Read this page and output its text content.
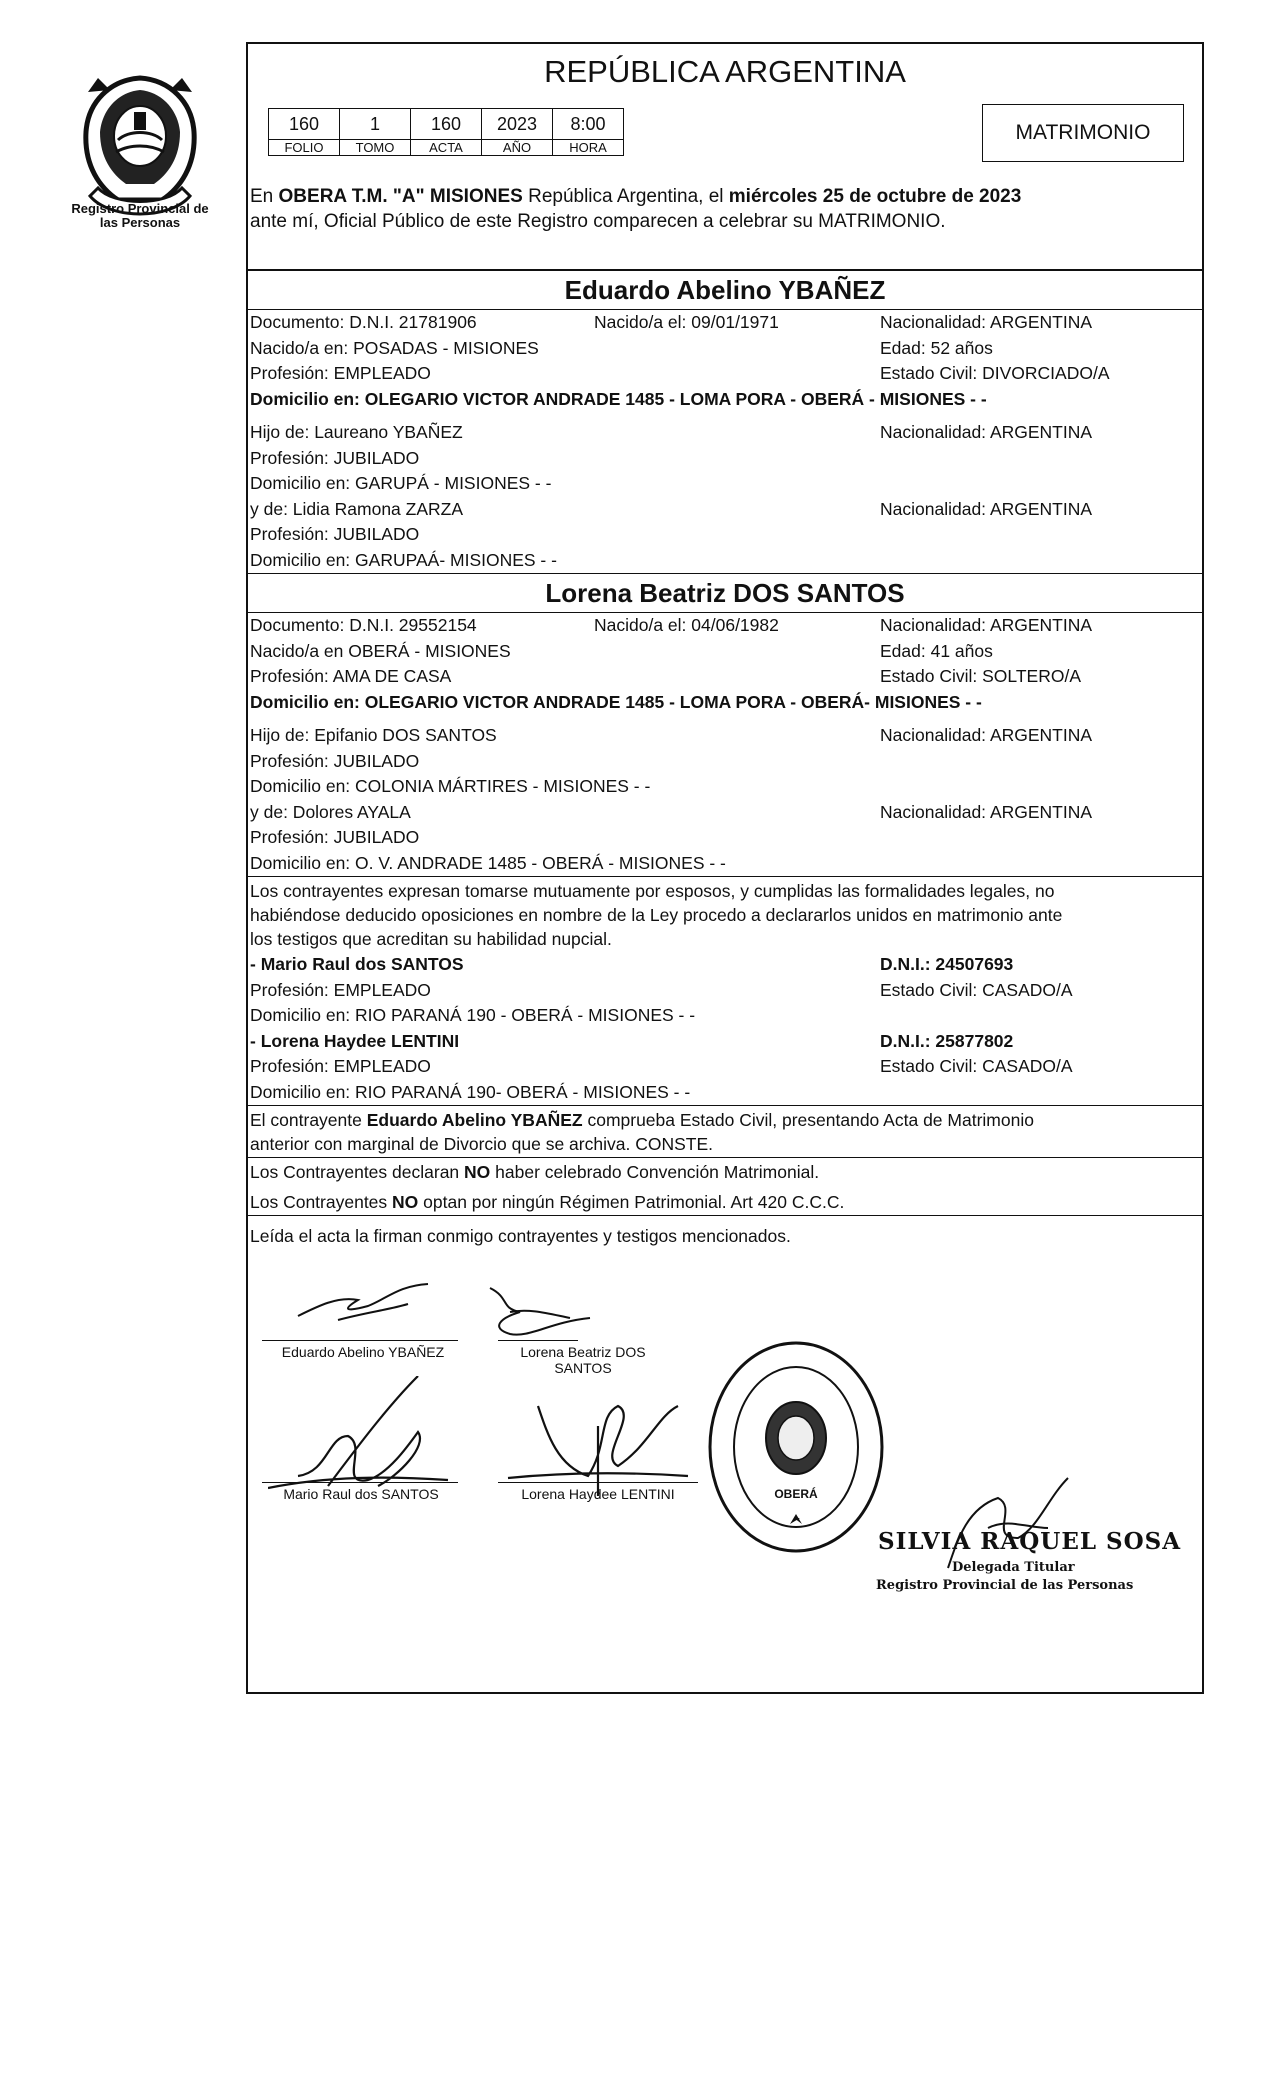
Registro Provincial de las Personas
REPÚBLICA ARGENTINA
160	1	160	2023	8:00
FOLIO	TOMO	ACTA	AÑO	HORA
MATRIMONIO
En OBERA T.M. "A" MISIONES República Argentina, el miércoles 25 de octubre de 2023
ante mí, Oficial Público de este Registro comparecen a celebrar su MATRIMONIO.
Eduardo Abelino YBAÑEZ
Documento: D.N.I. 21781906	Nacido/a el: 09/01/1971	Nacionalidad: ARGENTINA
Nacido/a en: POSADAS - MISIONES	Edad: 52 años
Profesión: EMPLEADO	Estado Civil: DIVORCIADO/A
Domicilio en: OLEGARIO VICTOR ANDRADE 1485 - LOMA PORA - OBERÁ - MISIONES - -
Hijo de: Laureano YBAÑEZ	Nacionalidad: ARGENTINA
Profesión: JUBILADO
Domicilio en: GARUPÁ - MISIONES - -
y de: Lidia Ramona ZARZA	Nacionalidad: ARGENTINA
Profesión: JUBILADO
Domicilio en: GARUPAÁ- MISIONES - -
Lorena Beatriz DOS SANTOS
Documento: D.N.I. 29552154	Nacido/a el: 04/06/1982	Nacionalidad: ARGENTINA
Nacido/a en OBERÁ - MISIONES	Edad: 41 años
Profesión: AMA DE CASA	Estado Civil: SOLTERO/A
Domicilio en: OLEGARIO VICTOR ANDRADE 1485 - LOMA PORA - OBERÁ- MISIONES - -
Hijo de: Epifanio DOS SANTOS	Nacionalidad: ARGENTINA
Profesión: JUBILADO
Domicilio en: COLONIA MÁRTIRES - MISIONES - -
y de: Dolores AYALA	Nacionalidad: ARGENTINA
Profesión: JUBILADO
Domicilio en: O. V. ANDRADE 1485 - OBERÁ - MISIONES - -
Los contrayentes expresan tomarse mutuamente por esposos, y cumplidas las formalidades legales, no
habiéndose deducido oposiciones en nombre de la Ley procedo a declararlos unidos en matrimonio ante
los testigos que acreditan su habilidad nupcial.
- Mario Raul dos SANTOS	D.N.I.: 24507693
Profesión: EMPLEADO	Estado Civil: CASADO/A
Domicilio en: RIO PARANÁ 190 - OBERÁ - MISIONES - -
- Lorena Haydee LENTINI	D.N.I.: 25877802
Profesión: EMPLEADO	Estado Civil: CASADO/A
Domicilio en: RIO PARANÁ 190- OBERÁ - MISIONES - -
El contrayente Eduardo Abelino YBAÑEZ comprueba Estado Civil, presentando Acta de Matrimonio
anterior con marginal de Divorcio que se archiva. CONSTE.
Los Contrayentes declaran NO haber celebrado Convención Matrimonial.
Los Contrayentes NO optan por ningún Régimen Patrimonial. Art 420 C.C.C.
Leída el acta la firman conmigo contrayentes y testigos mencionados.
Eduardo Abelino YBAÑEZ	Lorena Beatriz DOS
SANTOS
Mario Raul dos SANTOS	Lorena Haydee LENTINI	OBERÁ
SILVIA RAQUEL SOSA
Delegada Titular
Registro Provincial de las Personas
